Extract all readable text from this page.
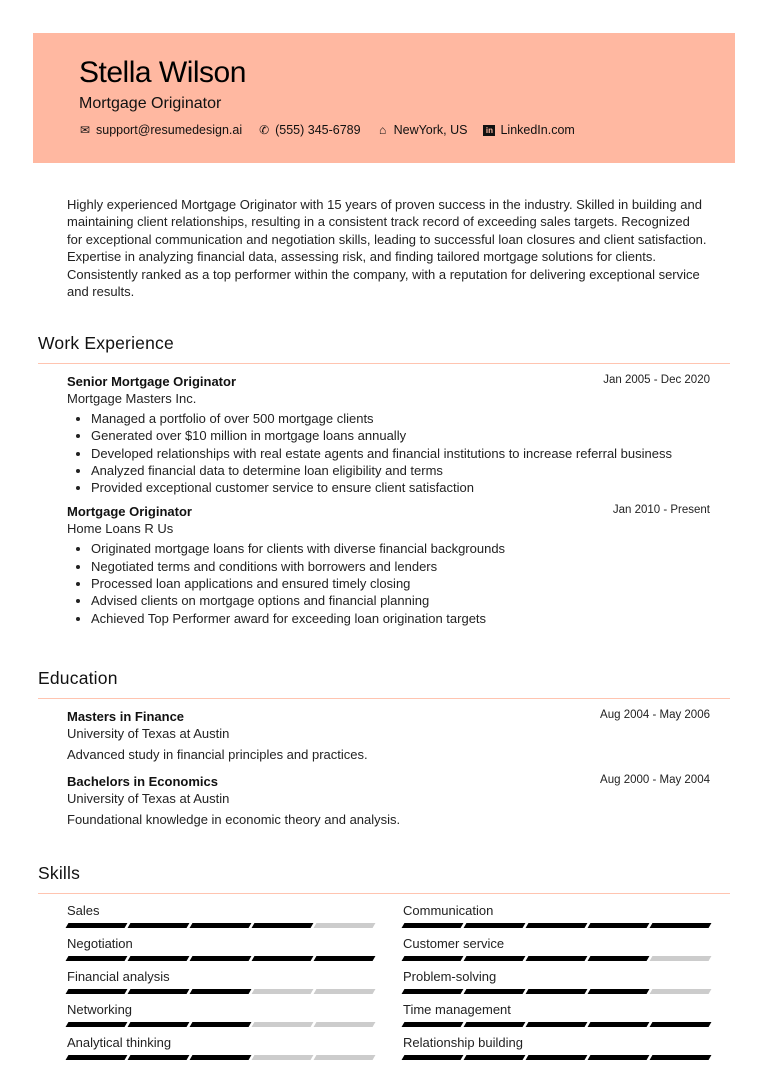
Stella Wilson
Mortgage Originator
✉ support@resumedesign.ai ✆ (555) 345-6789 ⌂ NewYork, US	in LinkedIn.com
Highly experienced Mortgage Originator with 15 years of proven success in the industry. Skilled in building and maintaining client relationships, resulting in a consistent track record of exceeding sales targets. Recognized for exceptional communication and negotiation skills, leading to successful loan closures and client satisfaction. Expertise in analyzing financial data, assessing risk, and finding tailored mortgage solutions for clients. Consistently ranked as a top performer within the company, with a reputation for delivering exceptional service and results.
Work Experience
Senior Mortgage Originator	Jan 2005 - Dec 2020
Mortgage Masters Inc.
• Managed a portfolio of over 500 mortgage clients
• Generated over $10 million in mortgage loans annually
• Developed relationships with real estate agents and financial institutions to increase referral business
• Analyzed financial data to determine loan eligibility and terms
• Provided exceptional customer service to ensure client satisfaction
Mortgage Originator	Jan 2010 - Present
Home Loans R Us
• Originated mortgage loans for clients with diverse financial backgrounds
• Negotiated terms and conditions with borrowers and lenders
• Processed loan applications and ensured timely closing
• Advised clients on mortgage options and financial planning
• Achieved Top Performer award for exceeding loan origination targets
Education
Masters in Finance	Aug 2004 - May 2006
University of Texas at Austin
Advanced study in financial principles and practices.
Bachelors in Economics	Aug 2000 - May 2004
University of Texas at Austin
Foundational knowledge in economic theory and analysis.
Skills
Sales	Communication
Negotiation	Customer service
Financial analysis	Problem-solving
Networking	Time management
Analytical thinking	Relationship building
